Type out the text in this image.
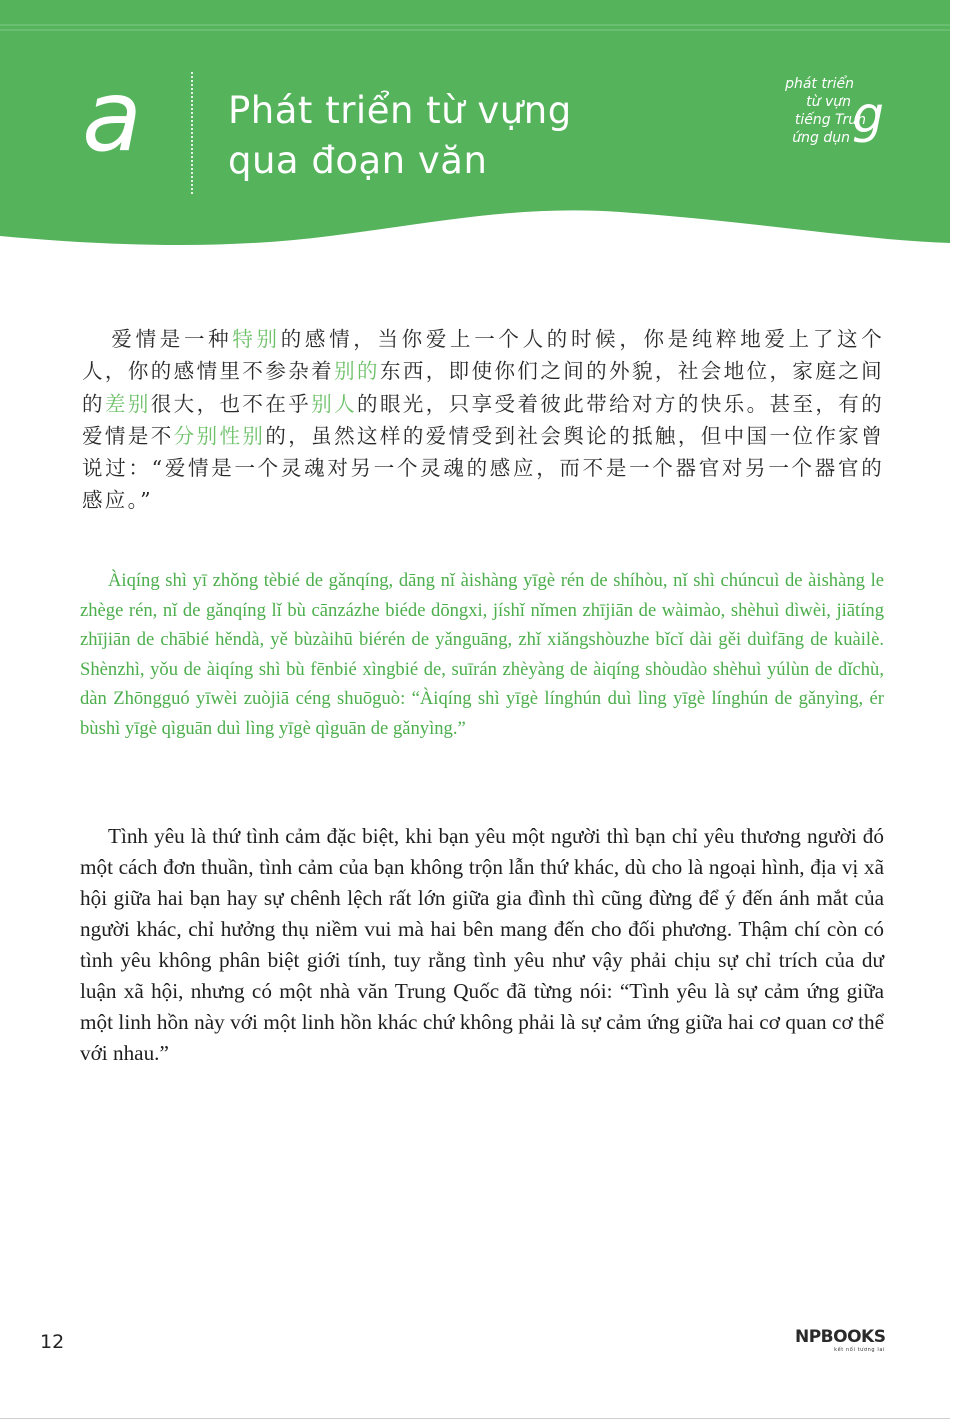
a Phát triển từ vựng
qua đoạn văn
phát triển
từ vựn
tiếng Trun
ứng dụn g
爱情是一种特别的感情，当你爱上一个人的时候，你是纯粹地爱上了这个人，你的感情里不参杂着别的东西，即使你们之间的外貌，社会地位，家庭之间的差别很大，也不在乎别人的眼光，只享受着彼此带给对方的快乐。甚至，有的爱情是不分别性别的，虽然这样的爱情受到社会舆论的抵触，但中国一位作家曾说过：“爱情是一个灵魂对另一个灵魂的感应，而不是一个器官对另一个器官的感应。”
Àiqíng shì yī zhǒng tèbié de gǎnqíng, dāng nǐ àishàng yīgè rén de shíhòu, nǐ shì chúncuì de àishàng le zhège rén, nǐ de gǎnqíng lǐ bù cānzázhe biéde dōngxi, jíshǐ nǐmen zhījiān de wàimào, shèhuì dìwèi, jiātíng zhījiān de chābié hěndà, yě bùzàihū biérén de yǎnguāng, zhǐ xiǎngshòuzhe bǐcǐ dài gěi duìfāng de kuàilè. Shènzhì, yǒu de àiqíng shì bù fēnbié xìngbié de, suīrán zhèyàng de àiqíng shòudào shèhuì yúlùn de dǐchù, dàn Zhōngguó yīwèi zuòjiā céng shuōguò: “Àiqíng shì yīgè línghún duì lìng yīgè línghún de gǎnyìng, ér bùshì yīgè qìguān duì lìng yīgè qìguān de gǎnyìng.”
Tình yêu là thứ tình cảm đặc biệt, khi bạn yêu một người thì bạn chỉ yêu thương người đó một cách đơn thuần, tình cảm của bạn không trộn lẫn thứ khác, dù cho là ngoại hình, địa vị xã hội giữa hai bạn hay sự chênh lệch rất lớn giữa gia đình thì cũng đừng để ý đến ánh mắt của người khác, chỉ hưởng thụ niềm vui mà hai bên mang đến cho đối phương. Thậm chí còn có tình yêu không phân biệt giới tính, tuy rằng tình yêu như vậy phải chịu sự chỉ trích của dư luận xã hội, nhưng có một nhà văn Trung Quốc đã từng nói: “Tình yêu là sự cảm ứng giữa một linh hồn này với một linh hồn khác chứ không phải là sự cảm ứng giữa hai cơ quan cơ thể với nhau.”
12	NPBOOKS
kết nối tương lai
